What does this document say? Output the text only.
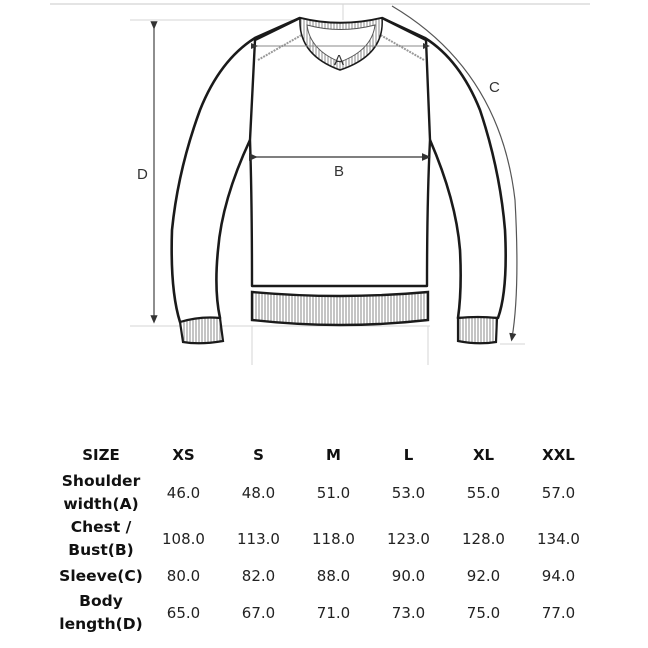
A
B
C
D
SIZE	XS	S	M	L	XL	XXL
Shoulder
width(A)	46.0	48.0	51.0	53.0	55.0	57.0
Chest /
Bust(B)	108.0	113.0	118.0	123.0	128.0	134.0
Sleeve(C)	80.0	82.0	88.0	90.0	92.0	94.0
Body
length(D)	65.0	67.0	71.0	73.0	75.0	77.0
